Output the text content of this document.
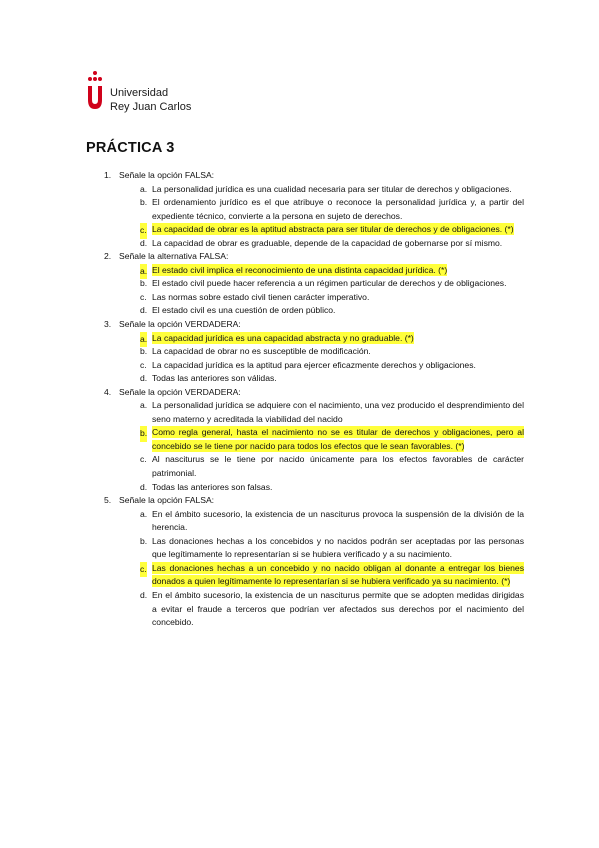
Universidad
Rey Juan Carlos
PRÁCTICA 3
1. Señale la opción FALSA:
a. La personalidad jurídica es una cualidad necesaria para ser titular de derechos y obligaciones.
b. El ordenamiento jurídico es el que atribuye o reconoce la personalidad jurídica y, a partir del expediente técnico, convierte a la persona en sujeto de derechos.
c. La capacidad de obrar es la aptitud abstracta para ser titular de derechos y de obligaciones. (*)
d. La capacidad de obrar es graduable, depende de la capacidad de gobernarse por sí mismo.
2. Señale la alternativa FALSA:
a. El estado civil implica el reconocimiento de una distinta capacidad jurídica. (*)
b. El estado civil puede hacer referencia a un régimen particular de derechos y de obligaciones.
c. Las normas sobre estado civil tienen carácter imperativo.
d. El estado civil es una cuestión de orden público.
3. Señale la opción VERDADERA:
a. La capacidad jurídica es una capacidad abstracta y no graduable. (*)
b. La capacidad de obrar no es susceptible de modificación.
c. La capacidad jurídica es la aptitud para ejercer eficazmente derechos y obligaciones.
d. Todas las anteriores son válidas.
4. Señale la opción VERDADERA:
a. La personalidad jurídica se adquiere con el nacimiento, una vez producido el desprendimiento del seno materno y acreditada la viabilidad del nacido
b. Como regla general, hasta el nacimiento no se es titular de derechos y obligaciones, pero al concebido se le tiene por nacido para todos los efectos que le sean favorables. (*)
c. Al nasciturus se le tiene por nacido únicamente para los efectos favorables de carácter patrimonial.
d. Todas las anteriores son falsas.
5. Señale la opción FALSA:
a. En el ámbito sucesorio, la existencia de un nasciturus provoca la suspensión de la división de la herencia.
b. Las donaciones hechas a los concebidos y no nacidos podrán ser aceptadas por las personas que legítimamente lo representarían si se hubiera verificado y a su nacimiento.
c. Las donaciones hechas a un concebido y no nacido obligan al donante a entregar los bienes donados a quien legítimamente lo representarían si se hubiera verificado ya su nacimiento. (*)
d. En el ámbito sucesorio, la existencia de un nasciturus permite que se adopten medidas dirigidas a evitar el fraude a terceros que podrían ver afectados sus derechos por el nacimiento del concebido.
